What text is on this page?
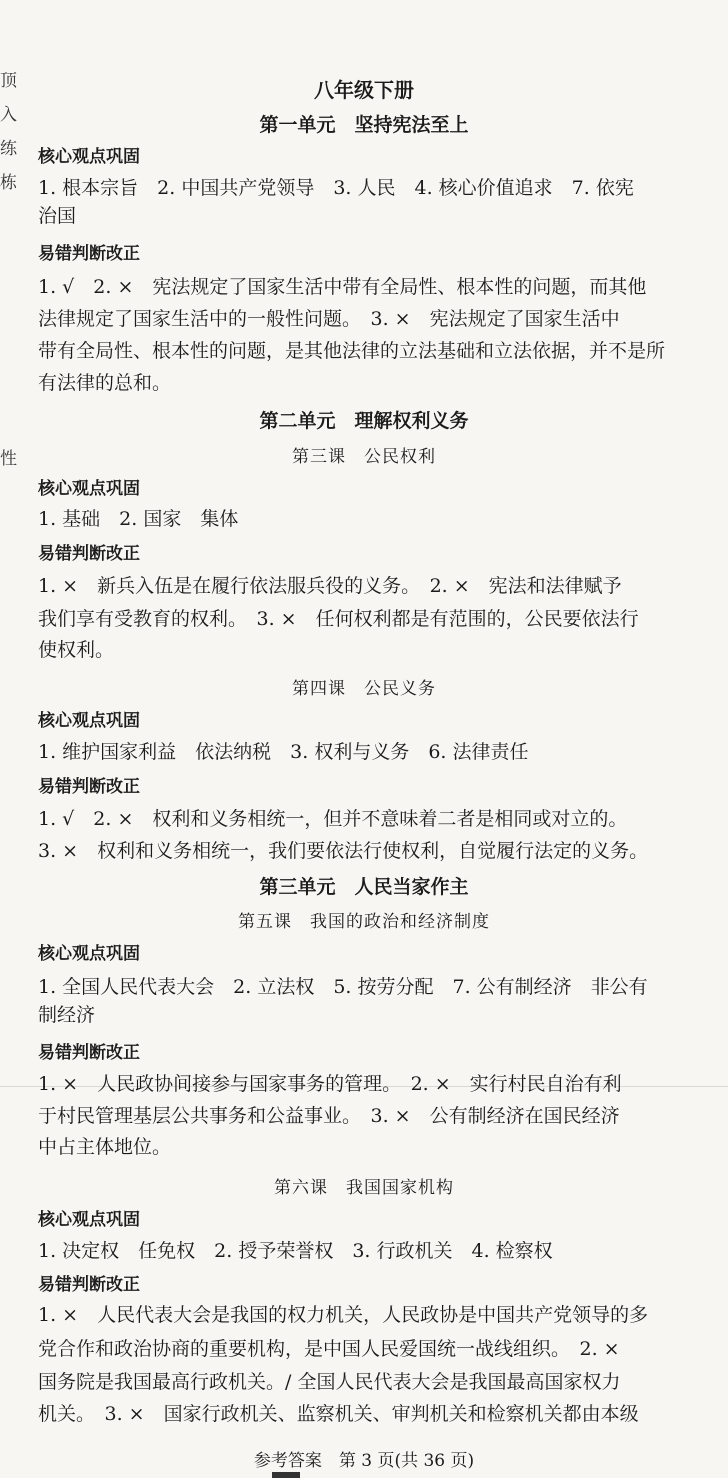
顶
入
练
栋
性
八年级下册
第一单元　坚持宪法至上
核心观点巩固
1. 根本宗旨　2. 中国共产党领导　3. 人民　4. 核心价值追求　7. 依宪
治国
易错判断改正
1. √　2. ×　宪法规定了国家生活中带有全局性、根本性的问题，而其他
法律规定了国家生活中的一般性问题。　3. ×　宪法规定了国家生活中
带有全局性、根本性的问题，是其他法律的立法基础和立法依据，并不是所
有法律的总和。
第二单元　理解权利义务
第三课　公民权利
核心观点巩固
1. 基础　2. 国家　集体
易错判断改正
1. ×　新兵入伍是在履行依法服兵役的义务。　2. ×　宪法和法律赋予
我们享有受教育的权利。　3. ×　任何权利都是有范围的，公民要依法行
使权利。
第四课　公民义务
核心观点巩固
1. 维护国家利益　依法纳税　3. 权利与义务　6. 法律责任
易错判断改正
1. √　2. ×　权利和义务相统一，但并不意味着二者是相同或对立的。
3. ×　权利和义务相统一，我们要依法行使权利，自觉履行法定的义务。
第三单元　人民当家作主
第五课　我国的政治和经济制度
核心观点巩固
1. 全国人民代表大会　2. 立法权　5. 按劳分配　7. 公有制经济　非公有
制经济
易错判断改正
1. ×　人民政协间接参与国家事务的管理。　2. ×　实行村民自治有利
于村民管理基层公共事务和公益事业。　3. ×　公有制经济在国民经济
中占主体地位。
第六课　我国国家机构
核心观点巩固
1. 决定权　任免权　2. 授予荣誉权　3. 行政机关　4. 检察权
易错判断改正
1. ×　人民代表大会是我国的权力机关，人民政协是中国共产党领导的多
党合作和政治协商的重要机构，是中国人民爱国统一战线组织。　2. ×
国务院是我国最高行政机关。/ 全国人民代表大会是我国最高国家权力
机关。　3. ×　国家行政机关、监察机关、审判机关和检察机关都由本级
参考答案　第 3 页(共 36 页)
